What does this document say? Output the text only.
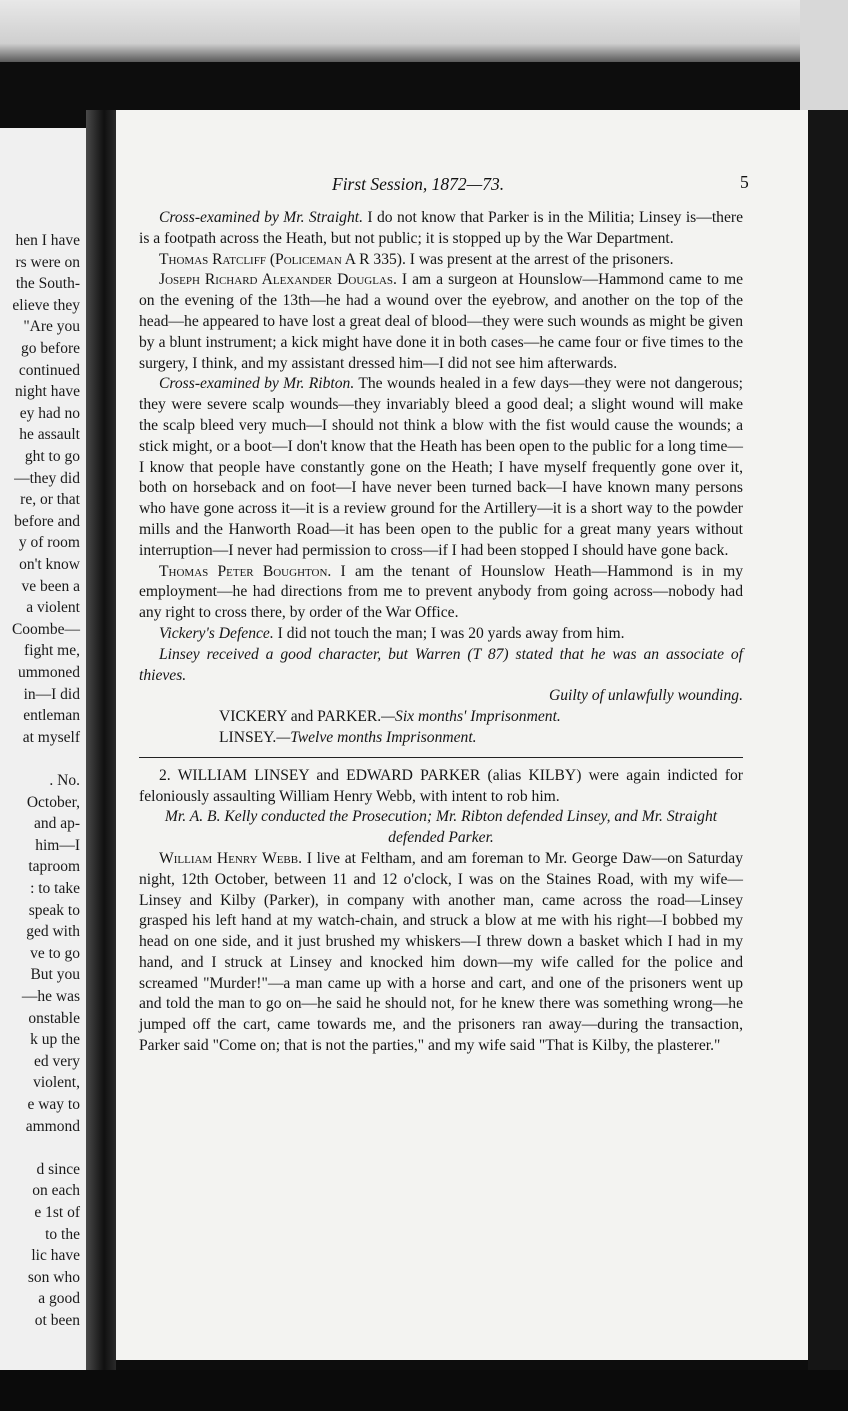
hen I have
rs were on
the South-
elieve they
"Are you
go before
continued
night have
ey had no
he assault
ght to go
—they did
re, or that
before and
y of room
on't know
ve been a
a violent
Coombe—
fight me,
ummoned
in—I did
entleman
at myself
. No.
October,
and ap-
him—I
taproom
: to take
speak to
ged with
ve to go
But you
—he was
onstable
k up the
ed very
violent,
e way to
ammond
d since
on each
e 1st of
to the
lic have
son who
a good
ot been
First Session, 1872—73.	5

Cross-examined by Mr. Straight. I do not know that Parker is in the Militia; Linsey is—there is a footpath across the Heath, but not public; it is stopped up by the War Department.

Thomas Ratcliff (Policeman A R 335). I was present at the arrest of the prisoners.

Joseph Richard Alexander Douglas. I am a surgeon at Hounslow—Hammond came to me on the evening of the 13th—he had a wound over the eyebrow, and another on the top of the head—he appeared to have lost a great deal of blood—they were such wounds as might be given by a blunt instrument; a kick might have done it in both cases—he came four or five times to the surgery, I think, and my assistant dressed him—I did not see him afterwards.

Cross-examined by Mr. Ribton. The wounds healed in a few days—they were not dangerous; they were severe scalp wounds—they invariably bleed a good deal; a slight wound will make the scalp bleed very much—I should not think a blow with the fist would cause the wounds; a stick might, or a boot—I don't know that the Heath has been open to the public for a long time—I know that people have constantly gone on the Heath; I have myself frequently gone over it, both on horseback and on foot—I have never been turned back—I have known many persons who have gone across it—it is a review ground for the Artillery—it is a short way to the powder mills and the Hanworth Road—it has been open to the public for a great many years without interruption—I never had permission to cross—if I had been stopped I should have gone back.

Thomas Peter Boughton. I am the tenant of Hounslow Heath—Hammond is in my employment—he had directions from me to prevent anybody from going across—nobody had any right to cross there, by order of the War Office.

Vickery's Defence. I did not touch the man; I was 20 yards away from him.

Linsey received a good character, but Warren (T 87) stated that he was an associate of thieves.

Guilty of unlawfully wounding.

VICKERY and PARKER.—Six months' Imprisonment.

LINSEY.—Twelve months Imprisonment.

2. WILLIAM LINSEY and EDWARD PARKER (alias KILBY) were again indicted for feloniously assaulting William Henry Webb, with intent to rob him.

Mr. A. B. Kelly conducted the Prosecution; Mr. Ribton defended Linsey, and Mr. Straight defended Parker.

William Henry Webb. I live at Feltham, and am foreman to Mr. George Daw—on Saturday night, 12th October, between 11 and 12 o'clock, I was on the Staines Road, with my wife—Linsey and Kilby (Parker), in company with another man, came across the road—Linsey grasped his left hand at my watch-chain, and struck a blow at me with his right—I bobbed my head on one side, and it just brushed my whiskers—I threw down a basket which I had in my hand, and I struck at Linsey and knocked him down—my wife called for the police and screamed "Murder!"—a man came up with a horse and cart, and one of the prisoners went up and told the man to go on—he said he should not, for he knew there was something wrong—he jumped off the cart, came towards me, and the prisoners ran away—during the transaction, Parker said "Come on; that is not the parties," and my wife said "That is Kilby, the plasterer."
